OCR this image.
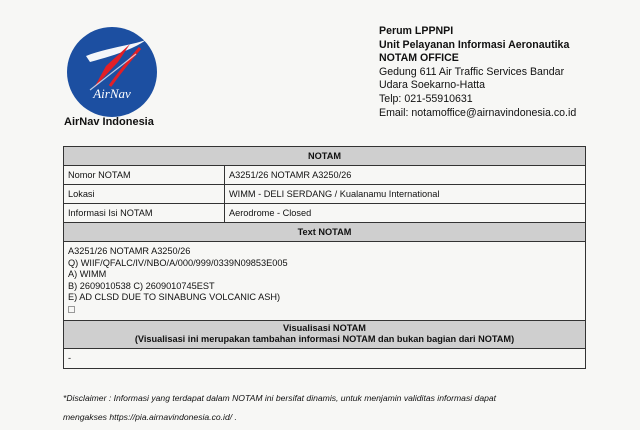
AirNav
AirNav Indonesia
Perum LPPNPI
Unit Pelayanan Informasi Aeronautika
NOTAM OFFICE
Gedung 611 Air Traffic Services Bandar
Udara Soekarno-Hatta
Telp: 021-55910631
Email: notamoffice@airnavindonesia.co.id
NOTAM	
Nomor NOTAM	A3251/26 NOTAMR A3250/26
Lokasi	WIMM - DELI SERDANG / Kualanamu International
Informasi Isi NOTAM	Aerodrome - Closed
Text NOTAM	

A3251/26 NOTAMR A3250/26
Q) WIIF/QFALC/IV/NBO/A/000/999/0339N09853E005
A) WIMM
B) 2609010538 C) 2609010745EST
E) AD CLSD DUE TO SINABUNG VOLCANIC ASH)	

Visualisasi NOTAM
(Visualisasi ini merupakan tambahan informasi NOTAM dan bukan bagian dari NOTAM)	

-	
*Disclaimer : Informasi yang terdapat dalam NOTAM ini bersifat dinamis, untuk menjamin validitas informasi dapat
mengakses https://pia.airnavindonesia.co.id/ .
